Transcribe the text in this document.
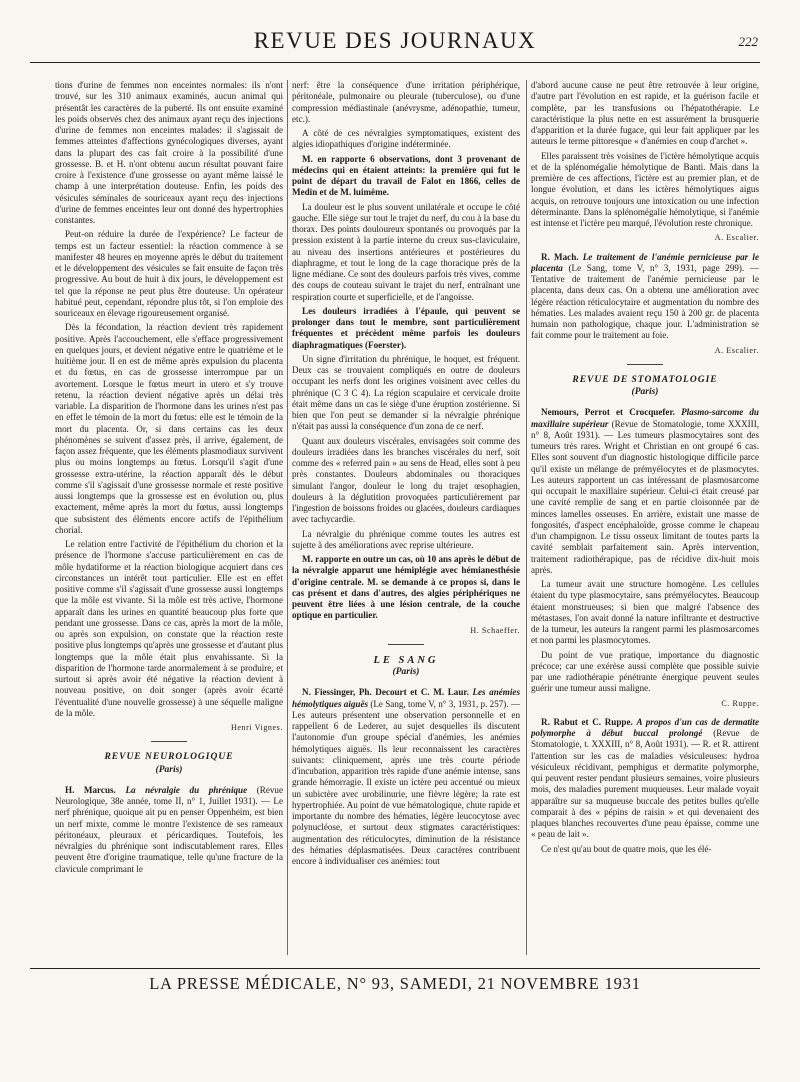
REVUE DES JOURNAUX	222

tions d'urine de femmes non enceintes normales: ils n'ont trouvé, sur les 310 animaux examinés, aucun animal qui présentât les caractères de la puberté. Ils ont ensuite examiné les poids observés chez des animaux ayant reçu des injections d'urine de femmes non enceintes malades: il s'agissait de femmes atteintes d'affections gynécologiques diverses, ayant dans la plupart des cas fait croire à la possibilité d'une grossesse. B. et H. n'ont obtenu aucun résultat pouvant faire croire à l'existence d'une grossesse ou ayant même laissé le champ à une interprétation douteuse. Enfin, les poids des vésicules séminales de souriceaux ayant reçu des injections d'urine de femmes enceintes leur ont donné des hypertrophies constantes.

Peut-on réduire la durée de l'expérience? Le facteur de temps est un facteur essentiel: la réaction commence à se manifester 48 heures en moyenne après le début du traitement et le développement des vésicules se fait ensuite de façon très progressive. Au bout de huit à dix jours, le développement est tel que la réponse ne peut plus être douteuse. Un opérateur habitué peut, cependant, répondre plus tôt, si l'on emploie des souriceaux en élevage rigoureusement organisé.

Dès la fécondation, la réaction devient très rapidement positive. Après l'accouchement, elle s'efface progressivement en quelques jours, et devient négative entre le quatrième et le huitième jour. Il en est de même après expulsion du placenta et du fœtus, en cas de grossesse interrompue par un avortement. Lorsque le fœtus meurt in utero et s'y trouve retenu, la réaction devient négative après un délai très variable. La disparition de l'hormone dans les urines n'est pas en effet le témoin de la mort du fœtus: elle est le témoin de la mort du placenta. Or, si dans certains cas les deux phénomènes se suivent d'assez près, il arrive, également, de façon assez fréquente, que les éléments plasmodiaux survivent plus ou moins longtemps au fœtus. Lorsqu'il s'agit d'une grossesse extra-utérine, la réaction apparaît dès le début comme s'il s'agissait d'une grossesse normale et reste positive aussi longtemps que la grossesse est en évolution ou, plus exactement, même après la mort du fœtus, aussi longtemps que subsistent des éléments encore actifs de l'épithélium chorial.

Le relation entre l'activité de l'épithélium du chorion et la présence de l'hormone s'accuse particulièrement en cas de môle hydatiforme et la réaction biologique acquiert dans ces circonstances un intérêt tout particulier. Elle est en effet positive comme s'il s'agissait d'une grossesse aussi longtemps que la môle est vivante. Si la môle est très active, l'hormone apparaît dans les urines en quantité beaucoup plus forte que pendant une grossesse. Dans ce cas, après la mort de la môle, ou après son expulsion, on constate que la réaction reste positive plus longtemps qu'après une grossesse et d'autant plus longtemps que la môle était plus envahissante. Si la disparition de l'hormone tarde anormalement à se produire, et surtout si après avoir été négative la réaction devient à nouveau positive, on doit songer (après avoir écarté l'éventualité d'une nouvelle grossesse) à une séquelle maligne de la môle.

Henri Vignes.
REVUE NEUROLOGIQUE
(Paris)

H. Marcus. La névralgie du phrénique (Revue Neurologique, 38e année, tome II, n° 1, Juillet 1931). — Le nerf phrénique, quoique ait pu en penser Oppenheim, est bien un nerf mixte, comme le montre l'existence de ses rameaux péritonéaux, pleuraux et péricardiques. Toutefois, les névralgies du phrénique sont indiscutablement rares. Elles peuvent être d'origine traumatique, telle qu'une fracture de la clavicule comprimant le

nerf: être la conséquence d'une irritation périphérique, péritonéale, pulmonaire ou pleurale (tuberculose), ou d'une compression médiastinale (anévrysme, adénopathie, tumeur, etc.).

A côté de ces névralgies symptomatiques, existent des algies idiopathiques d'origine indéterminée.

M. en rapporte 6 observations, dont 3 provenant de médecins qui en étaient atteints: la première qui fut le point de départ du travail de Falot en 1866, celles de Medin et de M. luimême.

La douleur est le plus souvent unilatérale et occupe le côté gauche. Elle siège sur tout le trajet du nerf, du cou à la base du thorax. Des points douloureux spontanés ou provoqués par la pression existent à la partie interne du creux sus-claviculaire, au niveau des insertions antérieures et postérieures du diaphragme, et tout le long de la cage thoracique près de la ligne médiane. Ce sont des douleurs parfois très vives, comme des coups de couteau suivant le trajet du nerf, entraînant une respiration courte et superficielle, et de l'angoisse.

Les douleurs irradiées à l'épaule, qui peuvent se prolonger dans tout le membre, sont particulièrement fréquentes et précèdent même parfois les douleurs diaphragmatiques (Foerster).

Un signe d'irritation du phrénique, le hoquet, est fréquent. Deux cas se trouvaient compliqués en outre de douleurs occupant les nerfs dont les origines voisinent avec celles du phrénique (C 3 C 4). La région scapulaire et cervicale droite était même dans un cas le siège d'une éruption zostérienne. Si bien que l'on peut se demander si la névralgie phrénique n'était pas aussi la conséquence d'un zona de ce nerf.

Quant aux douleurs viscérales, envisagées soit comme des douleurs irradiées dans les branches viscérales du nerf, soit comme des « referred pain » au sens de Head, elles sont à peu près constantes. Douleurs abdominales ou thoraciques simulant l'angor, douleur le long du trajet œsophagien, douleurs à la déglutition provoquées particulièrement par l'ingestion de boissons froides ou glacées, douleurs cardiaques avec tachycardie.

La névralgie du phrénique comme toutes les autres est sujette à des améliorations avec reprise ultérieure.

M. rapporte en outre un cas, où 10 ans après le début de la névralgie apparut une hémiplégie avec hémianesthésie d'origine centrale. M. se demande à ce propos si, dans le cas présent et dans d'autres, des algies périphériques ne peuvent être liées à une lésion centrale, de la couche optique en particulier.

H. Schaeffer.
LE SANG
(Paris)

N. Fiessinger, Ph. Decourt et C. M. Laur. Les anémies hémolytiques aiguës (Le Sang, tome V, n° 3, 1931, p. 257). — Les auteurs présentent une observation personnelle et en rappellent 6 de Lederer, au sujet desquelles ils discutent l'autonomie d'un groupe spécial d'anémies, les anémies hémolytiques aiguës. Ils leur reconnaissent les caractères suivants: cliniquement, après une très courte période d'incubation, apparition très rapide d'une anémie intense, sans grande hémorragie. Il existe un ictère peu accentué ou mieux un subictère avec urobilinurie, une fièvre légère; la rate est hypertrophiée. Au point de vue hématologique, chute rapide et importante du nombre des hématies, légère leucocytose avec polynucléose, et surtout deux stigmates caractéristiques: augmentation des réticulocytes, diminution de la résistance des hématies déplasmatisées. Deux caractères contribuent encore à individualiser ces anémies: tout

d'abord aucune cause ne peut être retrouvée à leur origine, d'autre part l'évolution en est rapide, et la guérison facile et complète, par les transfusions ou l'hépatothérapie. Le caractéristique la plus nette en est assurément la brusquerie d'apparition et la durée fugace, qui leur fait appliquer par les auteurs le terme pittoresque « d'anémies en coup d'archet ».

Elles paraissent très voisines de l'ictère hémolytique acquis et de la splénomégalie hémolytique de Banti. Mais dans la première de ces affections, l'ictère est au premier plan, et de longue évolution, et dans les ictères hémolytiques aigus acquis, on retrouve toujours une intoxication ou une infection déterminante. Dans la splénomégalie hémolytique, si l'anémie est intense et l'ictère peu marqué, l'évolution reste chronique.

A. Escalier.

R. Mach. Le traitement de l'anémie pernicieuse par le placenta (Le Sang, tome V, n° 3, 1931, page 299). — Tentative de traitement de l'anémie pernicieuse par le placenta, dans deux cas. On a obtenu une amélioration avec légère réaction réticulocytaire et augmentation du nombre des hématies. Les malades avaient reçu 150 à 200 gr. de placenta humain non pathologique, chaque jour. L'administration se fait comme pour le traitement au foie.

A. Escalier.
REVUE DE STOMATOLOGIE
(Paris)

Nemours, Perrot et Crocquefer. Plasmo-sarcome du maxillaire supérieur (Revue de Stomatologie, tome XXXIII, n° 8, Août 1931). — Les tumeurs plasmocytaires sont des tumeurs très rares. Wright et Christian en ont groupé 6 cas. Elles sont souvent d'un diagnostic histologique difficile parce qu'il existe un mélange de prémyélocytes et de plasmocytes. Les auteurs rapportent un cas intéressant de plasmosarcome qui occupait le maxillaire supérieur. Celui-ci était creusé par une cavité remplie de sang et en partie cloisonnée par de minces lamelles osseuses. En arrière, existait une masse de fongosités, d'aspect encéphaloïde, grosse comme le chapeau d'un champignon. Le tissu osseux limitant de toutes parts la cavité semblait parfaitement sain. Après intervention, traitement radiothérapique, pas de récidive dix-huit mois après.

La tumeur avait une structure homogène. Les cellules étaient du type plasmocytaire, sans prémyélocytes. Beaucoup étaient monstrueuses; si bien que malgré l'absence des métastases, l'on avait donné la nature infiltrante et destructive de la tumeur, les auteurs la rangent parmi les plasmosarcomes et non parmi les plasmocytomes.

Du point de vue pratique, importance du diagnostic précoce; car une exérèse aussi complète que possible suivie par une radiothérapie pénétrante énergique peuvent seules guérir une tumeur aussi maligne.

C. Ruppe.

R. Rabut et C. Ruppe. A propos d'un cas de dermatite polymorphe à début buccal prolongé (Revue de Stomatologie, t. XXXIII, n° 8, Août 1931). — R. et R. attirent l'attention sur les cas de maladies vésiculeuses: hydroa vésiculeux récidivant, pemphigus et dermatite polymorphe, qui peuvent rester pendant plusieurs semaines, voire plusieurs mois, des maladies purement muqueuses. Leur malade voyait apparaître sur sa muqueuse buccale des petites bulles qu'elle comparait à des « pépins de raisin » et qui devenaient des plaques blanches recouvertes d'une peau épaisse, comme une « peau de lait ».

Ce n'est qu'au bout de quatre mois, que les élé-

LA PRESSE MÉDICALE, N° 93, SAMEDI, 21 NOVEMBRE 1931
